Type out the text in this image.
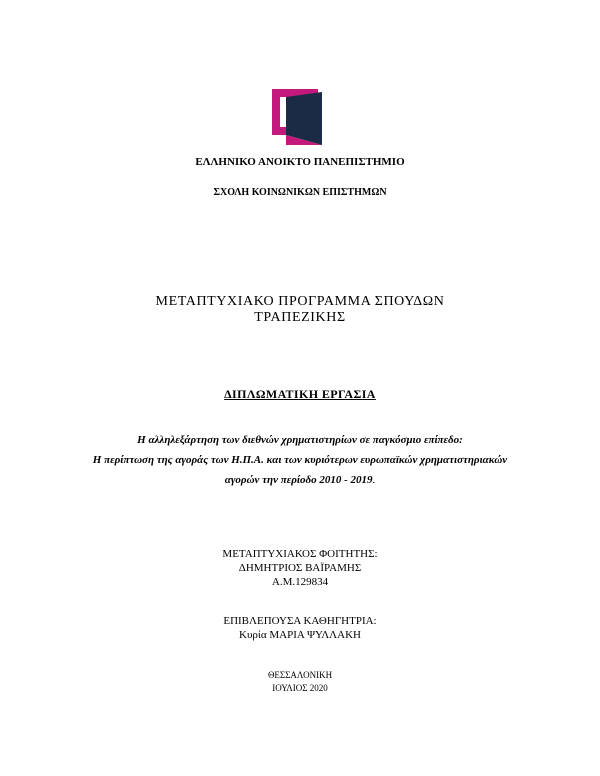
ΕΛΛΗΝΙΚΟ ΑΝΟΙΚΤΟ ΠΑΝΕΠΙΣΤΗΜΙΟ
ΣΧΟΛΗ ΚΟΙΝΩΝΙΚΩΝ ΕΠΙΣΤΗΜΩΝ
ΜΕΤΑΠΤΥΧΙΑΚΟ ΠΡΟΓΡΑΜΜΑ ΣΠΟΥΔΩΝ
ΤΡΑΠΕΖΙΚΗΣ
ΔΙΠΛΩΜΑΤΙΚΗ ΕΡΓΑΣΙΑ
Η αλληλεξάρτηση των διεθνών χρηματιστηρίων σε παγκόσμιο επίπεδο:
Η περίπτωση της αγοράς των Η.Π.Α. και των κυριότερων ευρωπαϊκών χρηματιστηριακών
αγορών την περίοδο 2010 - 2019.
ΜΕΤΑΠΤΥΧΙΑΚΟΣ ΦΟΙΤΗΤΗΣ:
ΔΗΜΗΤΡΙΟΣ ΒΑΪΡΑΜΗΣ
Α.Μ.129834
ΕΠΙΒΛΕΠΟΥΣΑ ΚΑΘΗΓΗΤΡΙΑ:
Κυρία ΜΑΡΙΑ ΨΥΛΛΑΚΗ
ΘΕΣΣΑΛΟΝΙΚΗ
ΙΟΥΛΙΟΣ 2020
